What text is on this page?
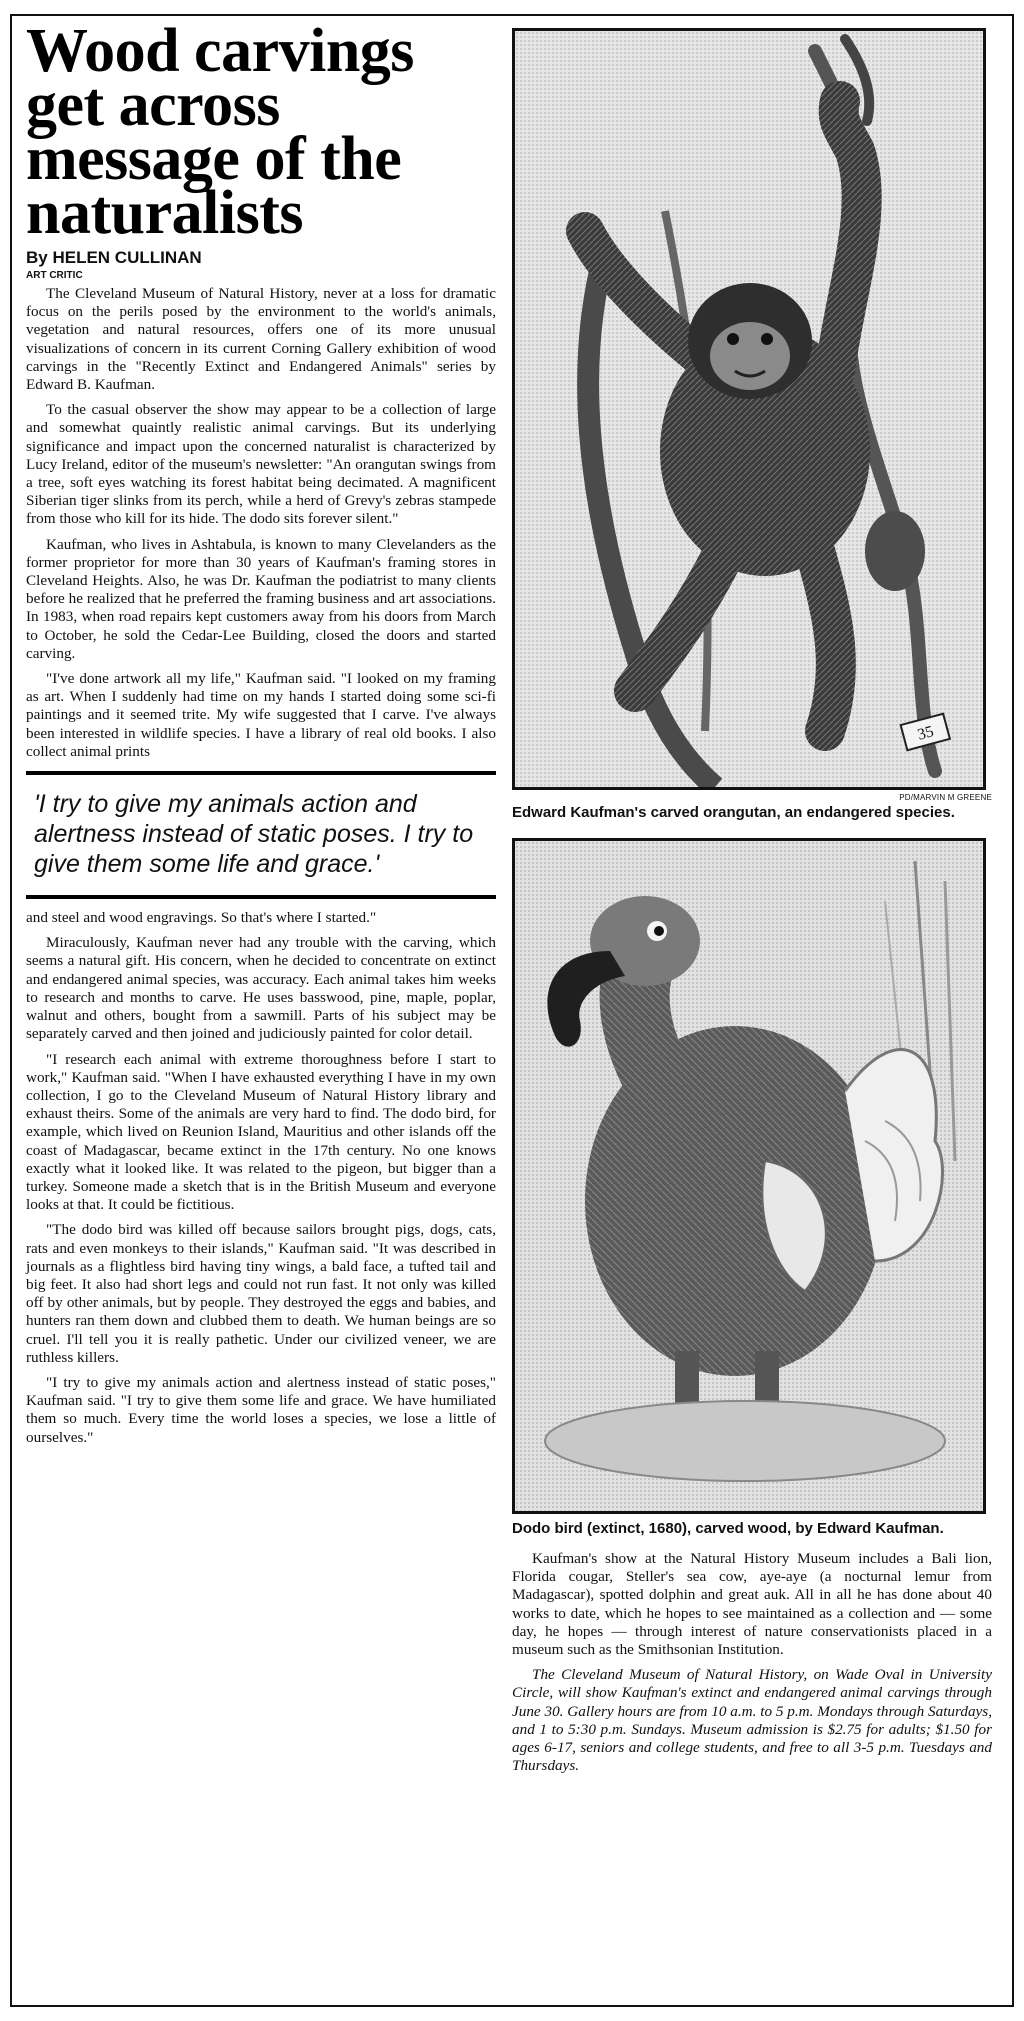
Wood carvings get across message of the naturalists
By HELEN CULLINAN
ART CRITIC

The Cleveland Museum of Natural History, never at a loss for dramatic focus on the perils posed by the environment to the world's animals, vegetation and natural resources, offers one of its more unusual visualizations of concern in its current Corning Gallery exhibition of wood carvings in the "Recently Extinct and Endangered Animals" series by Edward B. Kaufman.

To the casual observer the show may appear to be a collection of large and somewhat quaintly realistic animal carvings. But its underlying significance and impact upon the concerned naturalist is characterized by Lucy Ireland, editor of the museum's newsletter: "An orangutan swings from a tree, soft eyes watching its forest habitat being decimated. A magnificent Siberian tiger slinks from its perch, while a herd of Grevy's zebras stampede from those who kill for its hide. The dodo sits forever silent."

Kaufman, who lives in Ashtabula, is known to many Clevelanders as the former proprietor for more than 30 years of Kaufman's framing stores in Cleveland Heights. Also, he was Dr. Kaufman the podiatrist to many clients before he realized that he preferred the framing business and art associations. In 1983, when road repairs kept customers away from his doors from March to October, he sold the Cedar-Lee Building, closed the doors and started carving.

"I've done artwork all my life," Kaufman said. "I looked on my framing as art. When I suddenly had time on my hands I started doing some sci-fi paintings and it seemed trite. My wife suggested that I carve. I've always been interested in wildlife species. I have a library of real old books. I also collect animal prints

'I try to give my animals action and alertness instead of static poses. I try to give them some life and grace.'

and steel and wood engravings. So that's where I started."

Miraculously, Kaufman never had any trouble with the carving, which seems a natural gift. His concern, when he decided to concentrate on extinct and endangered animal species, was accuracy. Each animal takes him weeks to research and months to carve. He uses basswood, pine, maple, poplar, walnut and others, bought from a sawmill. Parts of his subject may be separately carved and then joined and judiciously painted for color detail.

"I research each animal with extreme thoroughness before I start to work," Kaufman said. "When I have exhausted everything I have in my own collection, I go to the Cleveland Museum of Natural History library and exhaust theirs. Some of the animals are very hard to find. The dodo bird, for example, which lived on Reunion Island, Mauritius and other islands off the coast of Madagascar, became extinct in the 17th century. No one knows exactly what it looked like. It was related to the pigeon, but bigger than a turkey. Someone made a sketch that is in the British Museum and everyone looks at that. It could be fictitious.

"The dodo bird was killed off because sailors brought pigs, dogs, cats, rats and even monkeys to their islands," Kaufman said. "It was described in journals as a flightless bird having tiny wings, a bald face, a tufted tail and big feet. It also had short legs and could not run fast. It not only was killed off by other animals, but by people. They destroyed the eggs and babies, and hunters ran them down and clubbed them to death. We human beings are so cruel. I'll tell you it is really pathetic. Under our civilized veneer, we are ruthless killers.

"I try to give my animals action and alertness instead of static poses," Kaufman said. "I try to give them some life and grace. We have humiliated them so much. Every time the world loses a species, we lose a little of ourselves."

35
PD/MARVIN M GREENE
Edward Kaufman's carved orangutan, an endangered species.
Dodo bird (extinct, 1680), carved wood, by Edward Kaufman.

Kaufman's show at the Natural History Museum includes a Bali lion, Florida cougar, Steller's sea cow, aye-aye (a nocturnal lemur from Madagascar), spotted dolphin and great auk. All in all he has done about 40 works to date, which he hopes to see maintained as a collection and — some day, he hopes — through interest of nature conservationists placed in a museum such as the Smithsonian Institution.

The Cleveland Museum of Natural History, on Wade Oval in University Circle, will show Kaufman's extinct and endangered animal carvings through June 30. Gallery hours are from 10 a.m. to 5 p.m. Mondays through Saturdays, and 1 to 5:30 p.m. Sundays. Museum admission is $2.75 for adults; $1.50 for ages 6-17, seniors and college students, and free to all 3-5 p.m. Tuesdays and Thursdays.
